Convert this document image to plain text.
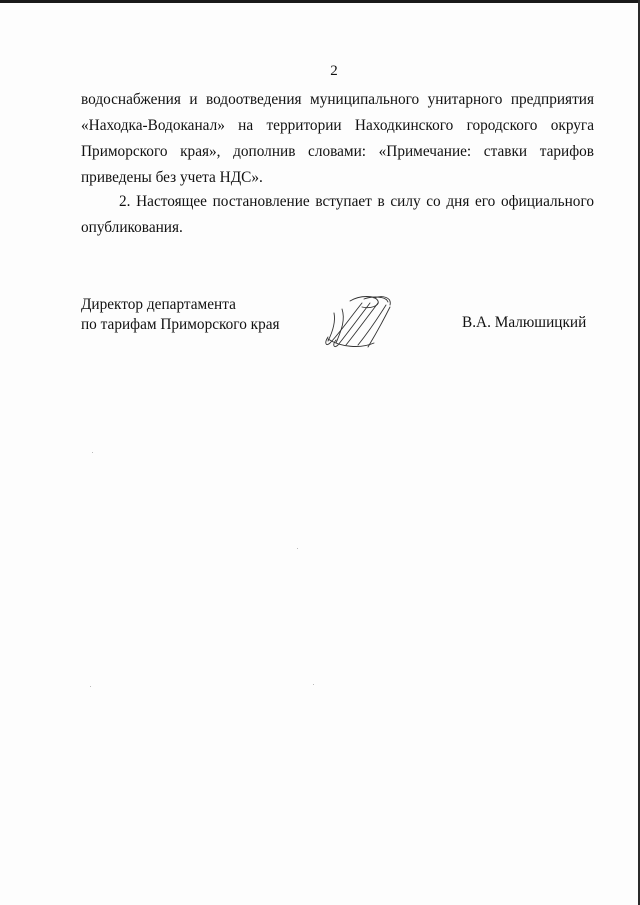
2
водоснабжения и водоотведения муниципального унитарного предприятия
«Находка-Водоканал» на территории Находкинского городского округа
Приморского края», дополнив словами: «Примечание: ставки тарифов
приведены без учета НДС».
2. Настоящее постановление вступает в силу со дня его официального
опубликования.
Директор департамента
по тарифам Приморского края	В.А. Малюшицкий
